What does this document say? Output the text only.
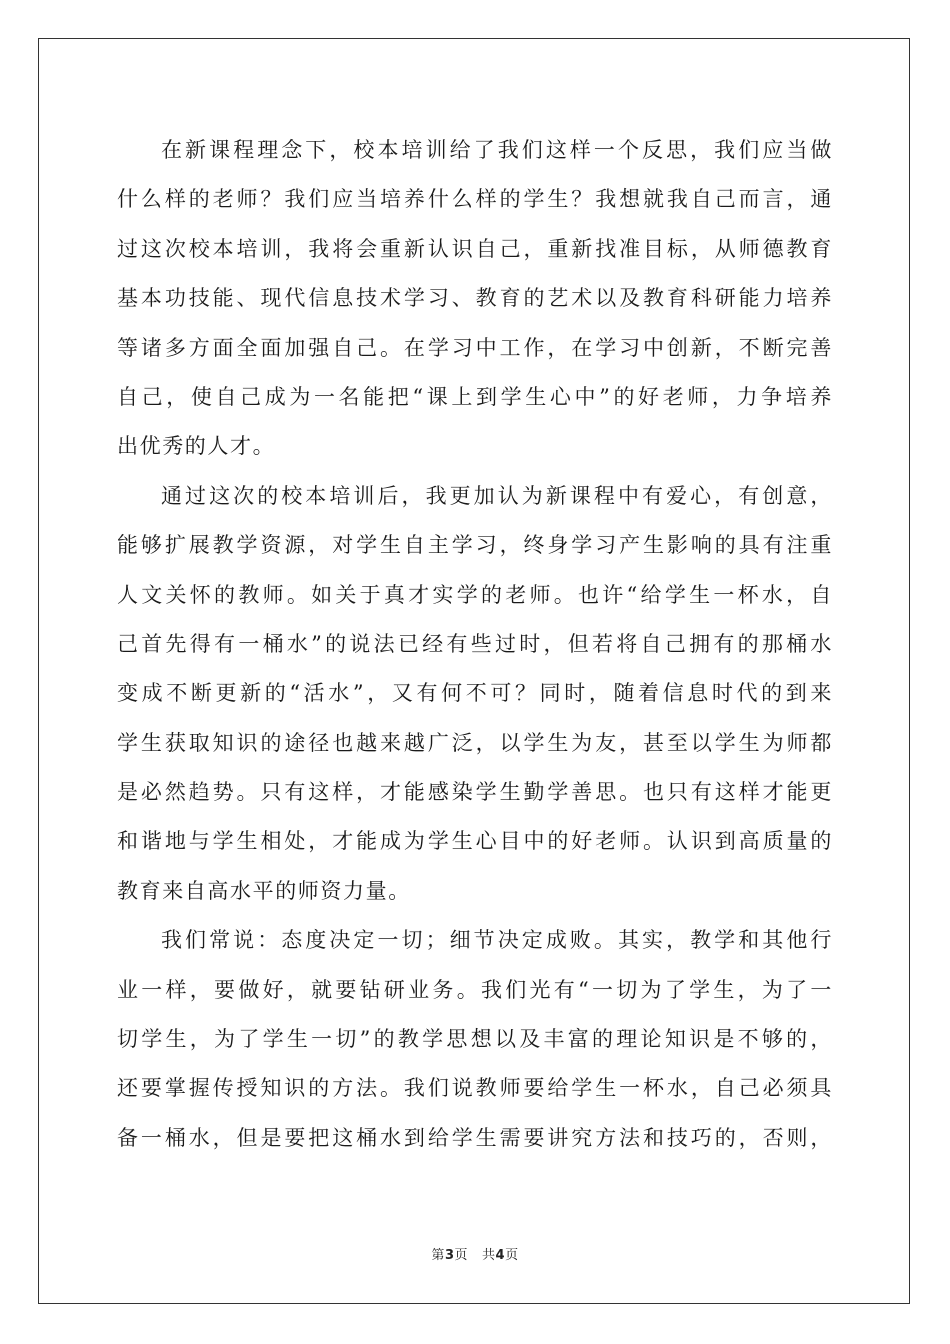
在新课程理念下，校本培训给了我们这样一个反思，我们应当做
什么样的老师？我们应当培养什么样的学生？我想就我自己而言，通
过这次校本培训，我将会重新认识自己，重新找准目标，从师德教育
基本功技能、现代信息技术学习、教育的艺术以及教育科研能力培养
等诸多方面全面加强自己。在学习中工作，在学习中创新，不断完善
自己，使自己成为一名能把“课上到学生心中”的好老师，力争培养
出优秀的人才。
通过这次的校本培训后，我更加认为新课程中有爱心，有创意，
能够扩展教学资源，对学生自主学习，终身学习产生影响的具有注重
人文关怀的教师。如关于真才实学的老师。也许“给学生一杯水，自
己首先得有一桶水”的说法已经有些过时，但若将自己拥有的那桶水
变成不断更新的“活水”，又有何不可？同时，随着信息时代的到来
学生获取知识的途径也越来越广泛，以学生为友，甚至以学生为师都
是必然趋势。只有这样，才能感染学生勤学善思。也只有这样才能更
和谐地与学生相处，才能成为学生心目中的好老师。认识到高质量的
教育来自高水平的师资力量。
我们常说：态度决定一切；细节决定成败。其实，教学和其他行
业一样，要做好，就要钻研业务。我们光有“一切为了学生，为了一
切学生，为了学生一切”的教学思想以及丰富的理论知识是不够的，
还要掌握传授知识的方法。我们说教师要给学生一杯水，自己必须具
备一桶水，但是要把这桶水到给学生需要讲究方法和技巧的，否则，
第3页 共4页
